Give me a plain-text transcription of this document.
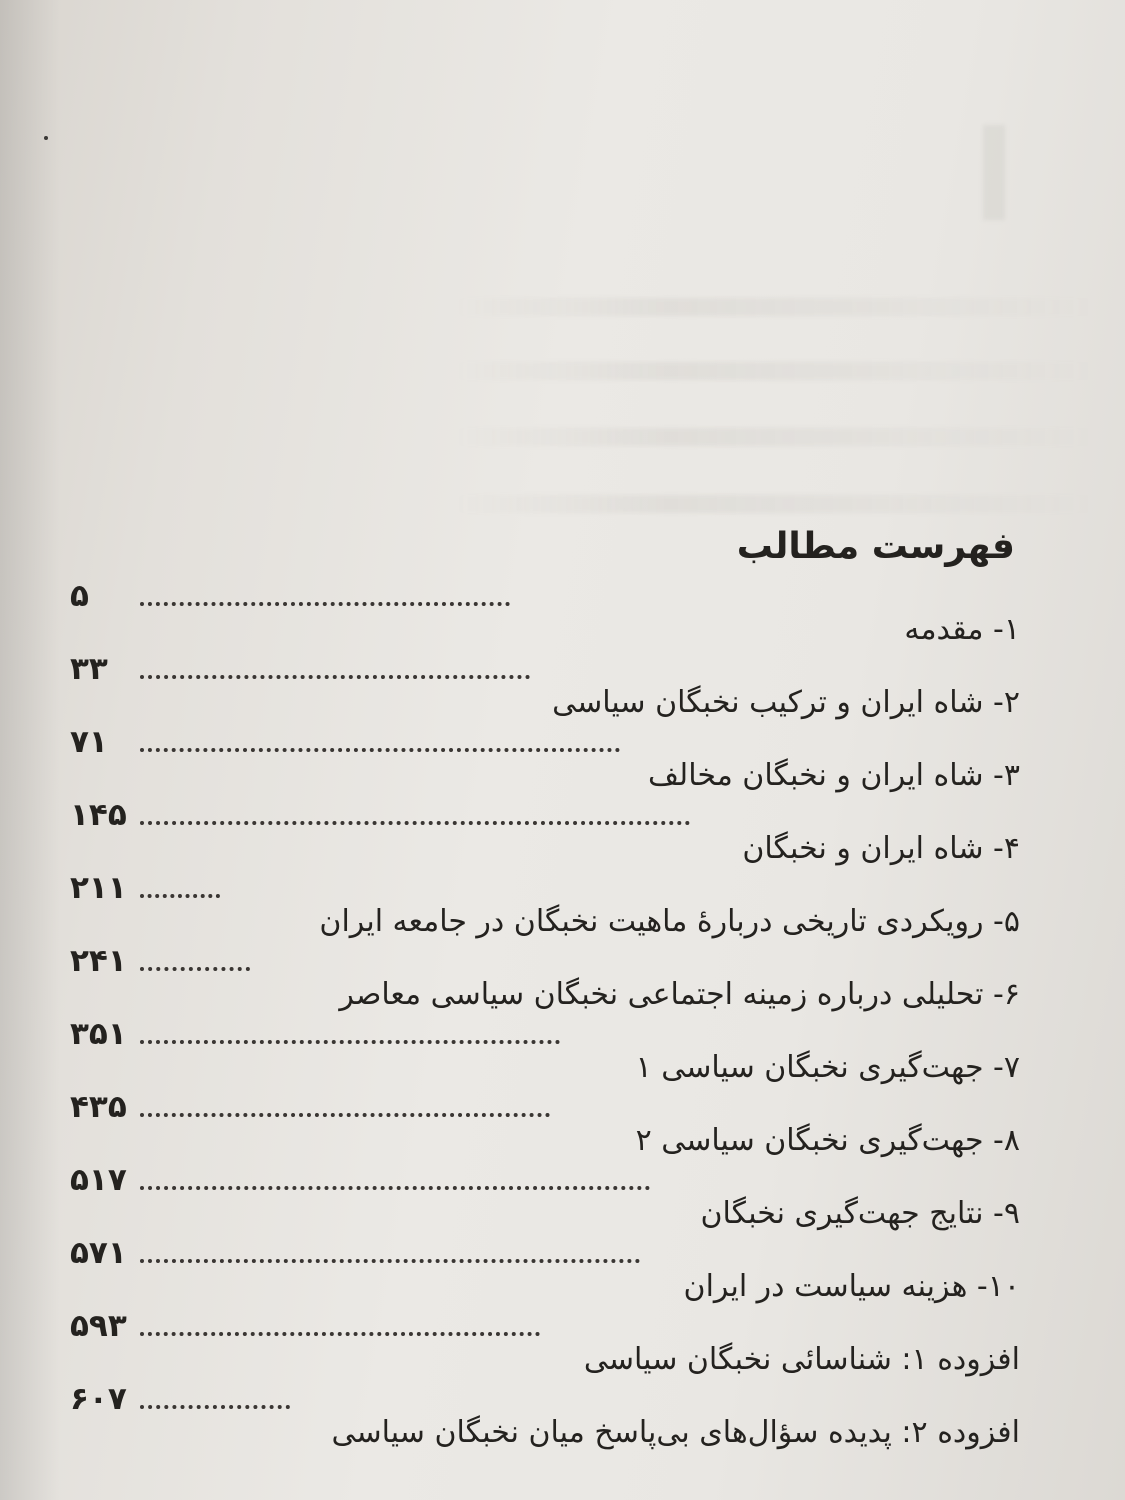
فهرست مطالب
۵
۱- مقدمه
۳۳
۲- شاه ایران و ترکیب نخبگان سیاسی
۷۱
۳- شاه ایران و نخبگان مخالف
۱۴۵
۴- شاه ایران و نخبگان
۲۱۱
۵- رویکردی تاریخی دربارهٔ ماهیت نخبگان در جامعه ایران
۲۴۱
۶- تحلیلی درباره زمینه اجتماعی نخبگان سیاسی معاصر
۳۵۱
۷- جهت‌گیری نخبگان سیاسی ۱
۴۳۵
۸- جهت‌گیری نخبگان سیاسی ۲
۵۱۷
۹- نتایج جهت‌گیری نخبگان
۵۷۱
۱۰- هزینه سیاست در ایران
۵۹۳
افزوده ۱: شناسائی نخبگان سیاسی
۶۰۷
افزوده ۲: پدیده سؤال‌های بی‌پاسخ میان نخبگان سیاسی
